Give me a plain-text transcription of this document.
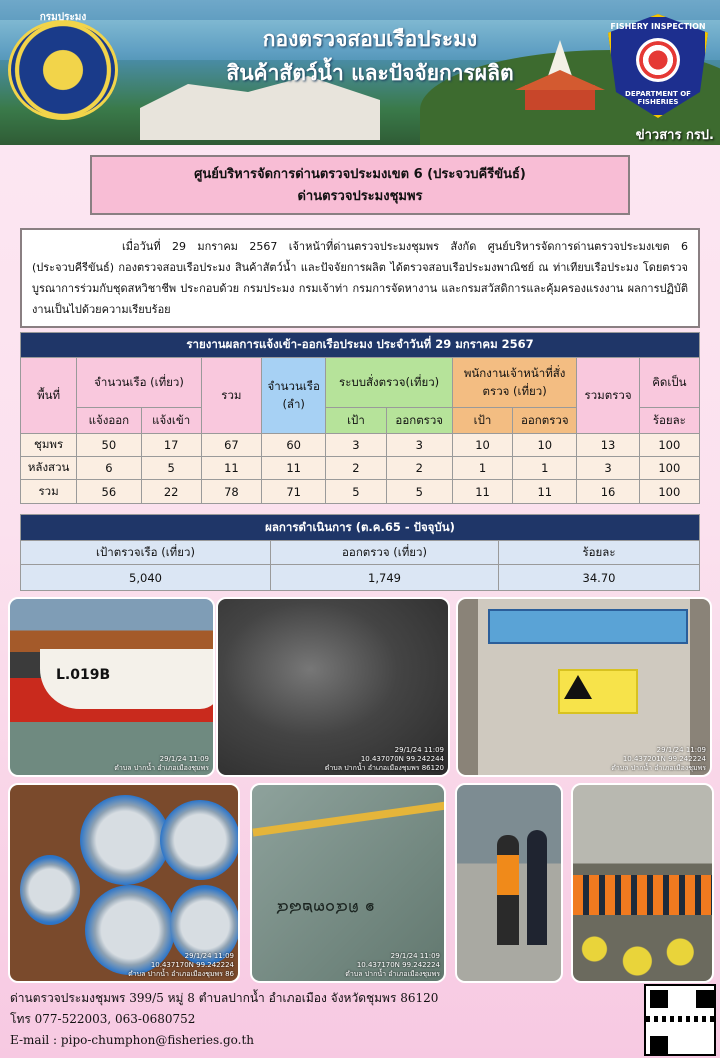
กรมประมง
FISHERY INSPECTION
DEPARTMENT OF FISHERIES
กองตรวจสอบเรือประมง
สินค้าสัตว์น้ำ และปัจจัยการผลิต
ข่าวสาร กรป.
ศูนย์บริหารจัดการด่านตรวจประมงเขต 6 (ประจวบคีรีขันธ์)
ด่านตรวจประมงชุมพร
เมื่อวันที่ 29 มกราคม 2567 เจ้าหน้าที่ด่านตรวจประมงชุมพร สังกัด ศูนย์บริหารจัดการด่านตรวจประมงเขต 6 (ประจวบคีรีขันธ์) กองตรวจสอบเรือประมง สินค้าสัตว์น้ำ และปัจจัยการผลิต ได้ตรวจสอบเรือประมงพาณิชย์ ณ ท่าเทียบเรือประมง โดยตรวจบูรณาการร่วมกับชุดสหวิชาชีพ ประกอบด้วย กรมประมง กรมเจ้าท่า กรมการจัดหางาน และกรมสวัสดิการและคุ้มครองแรงงาน ผลการปฏิบัติงานเป็นไปด้วยความเรียบร้อย
รายงานผลการแจ้งเข้า-ออกเรือประมง ประจำวันที่ 29 มกราคม 2567										
พื้นที่	จำนวนเรือ (เที่ยว)		รวม	จำนวนเรือ (ลำ)	ระบบสั่งตรวจ(เที่ยว)		พนักงานเจ้าหน้าที่สั่งตรวจ (เที่ยว)		รวมตรวจ	คิดเป็น
	แจ้งออก	แจ้งเข้า			เป้า	ออกตรวจ	เป้า	ออกตรวจ		ร้อยละ
ชุมพร	50	17	67	60	3	3	10	10	13	100
หลังสวน	6	5	11	11	2	2	1	1	3	100
รวม	56	22	78	71	5	5	11	11	16	100
ผลการดำเนินการ (ต.ค.65 - ปัจจุบัน)		
เป้าตรวจเรือ (เที่ยว)	ออกตรวจ (เที่ยว)	ร้อยละ
5,040	1,749	34.70
L.019B
29/1/24 11:09
ตำบล ปากน้ำ อำเภอเมืองชุมพร
29/1/24 11:09
10.437070N 99.242244
ตำบล ปากน้ำ อำเภอเมืองชุมพร 86120
29/1/24 11:09
10.437201N 99.242224
ตำบล ปากน้ำ อำเภอเมืองชุมพร
29/1/24 11:09
10.437170N 99.242224
ตำบล ปากน้ำ อำเภอเมืองชุมพร 86
๑ ต๔๐๓๒๘๔
29/1/24 11:09
10.437170N 99.242224
ตำบล ปากน้ำ อำเภอเมืองชุมพร
ด่านตรวจประมงชุมพร 399/5 หมู่ 8 ตำบลปากน้ำ อำเภอเมือง จังหวัดชุมพร 86120
โทร 077-522003, 063-0680752
E-mail : pipo-chumphon@fisheries.go.th
